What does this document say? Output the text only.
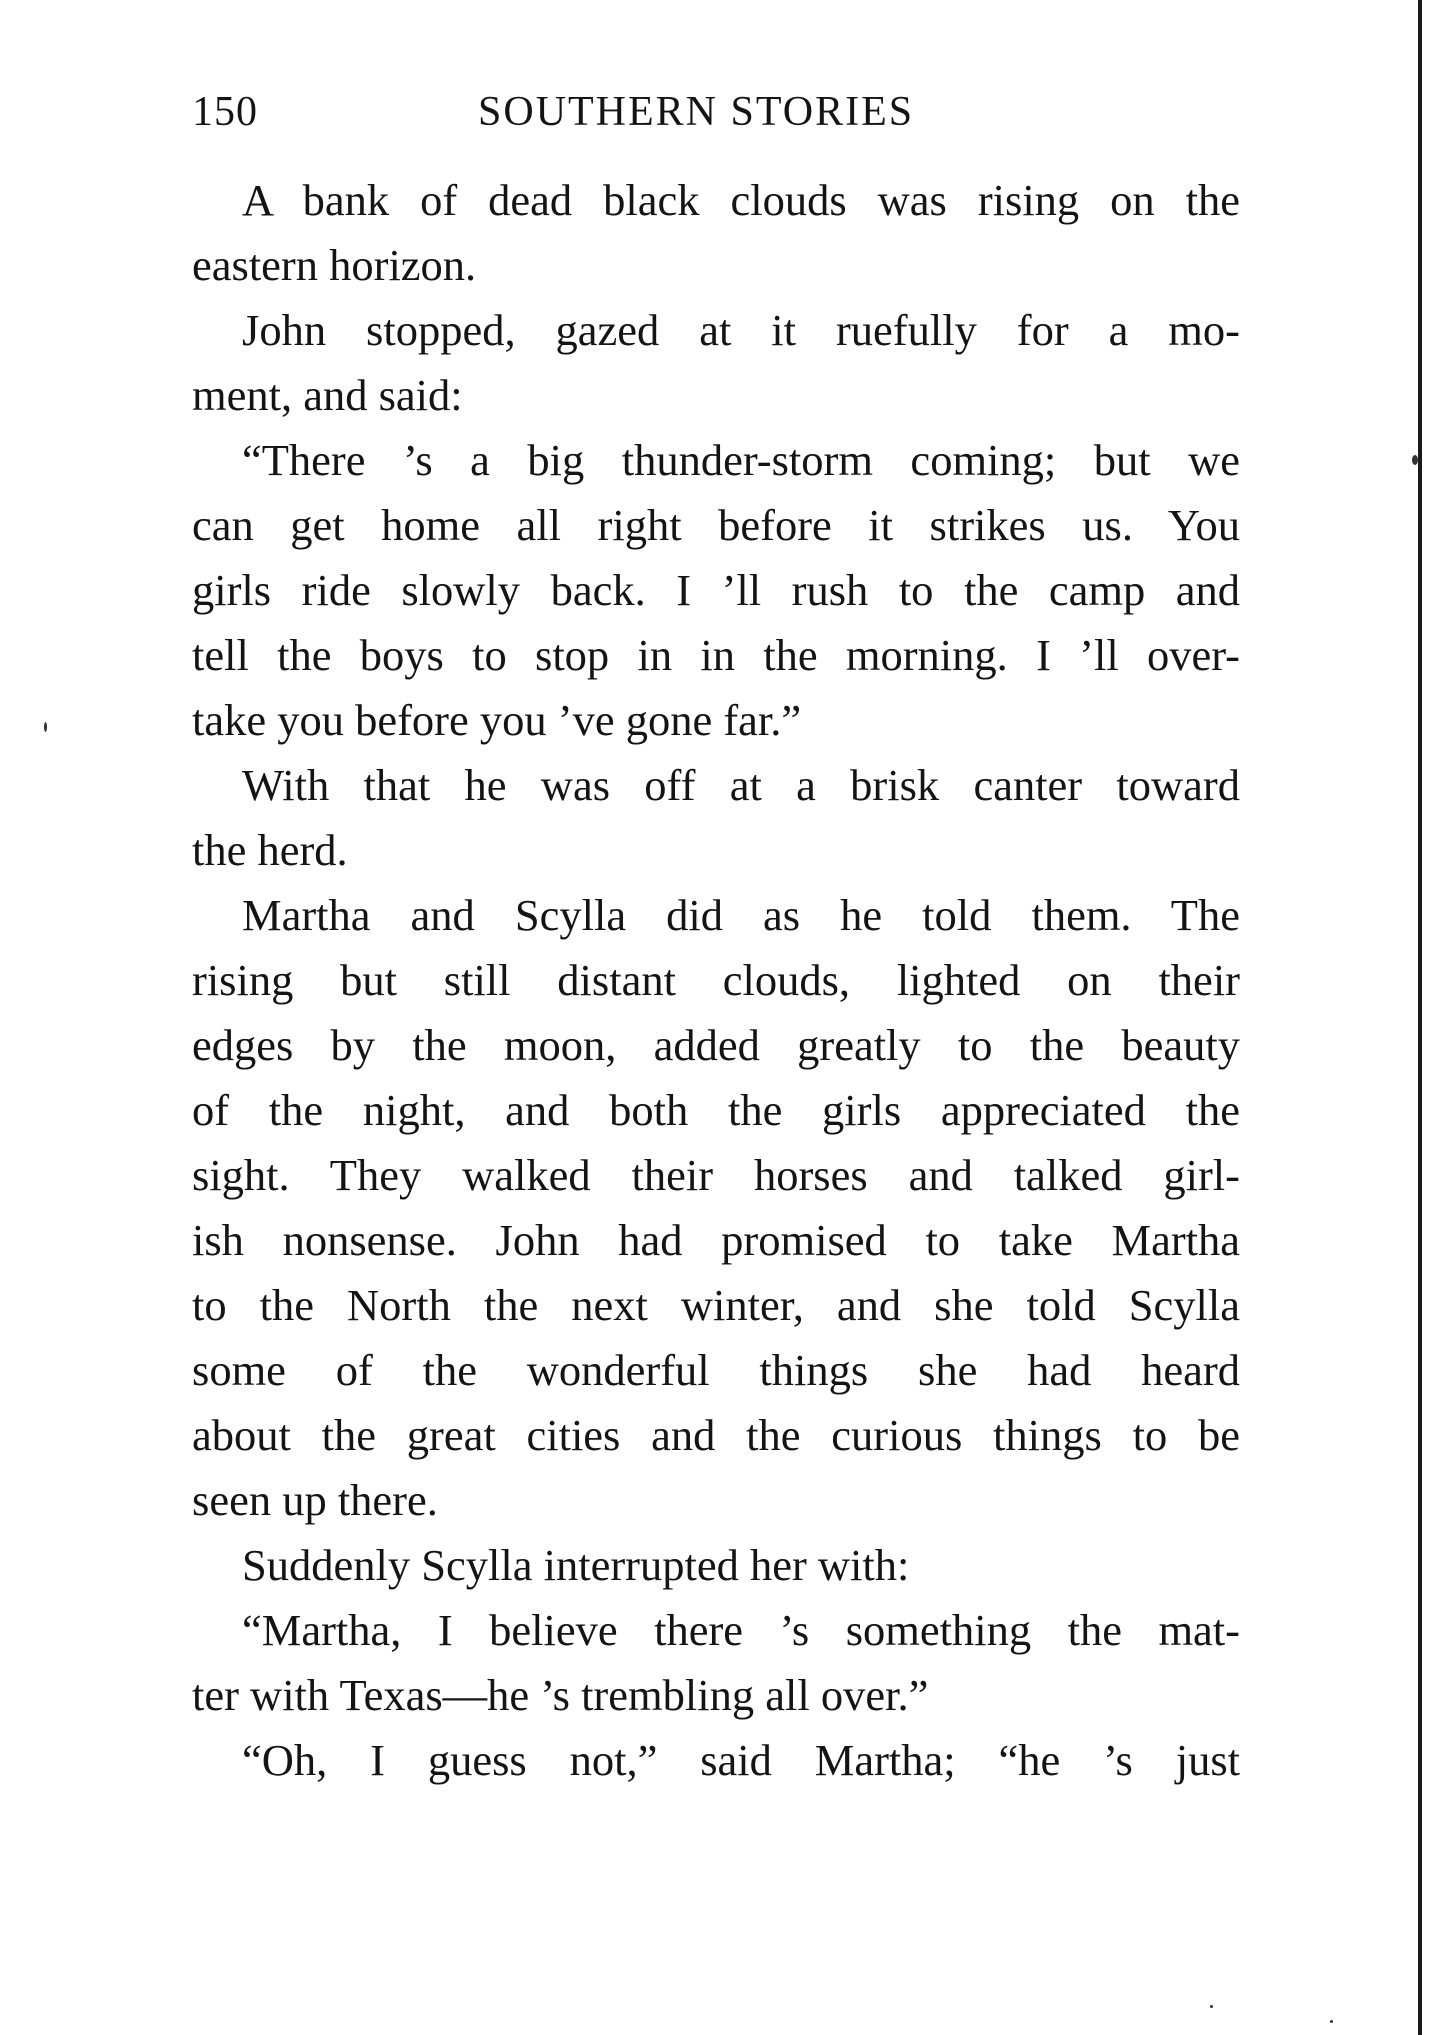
150	SOUTHERN STORIES
A bank of dead black clouds was rising on the
eastern horizon.
John stopped, gazed at it ruefully for a mo-
ment, and said:
“There ’s a big thunder-storm coming; but we
can get home all right before it strikes us. You
girls ride slowly back. I ’ll rush to the camp and
tell the boys to stop in in the morning. I ’ll over-
take you before you ’ve gone far.”
With that he was off at a brisk canter toward
the herd.
Martha and Scylla did as he told them. The
rising but still distant clouds, lighted on their
edges by the moon, added greatly to the beauty
of the night, and both the girls appreciated the
sight. They walked their horses and talked girl-
ish nonsense. John had promised to take Martha
to the North the next winter, and she told Scylla
some of the wonderful things she had heard
about the great cities and the curious things to be
seen up there.
Suddenly Scylla interrupted her with:
“Martha, I believe there ’s something the mat-
ter with Texas—he ’s trembling all over.”
“Oh, I guess not,” said Martha; “he ’s just
